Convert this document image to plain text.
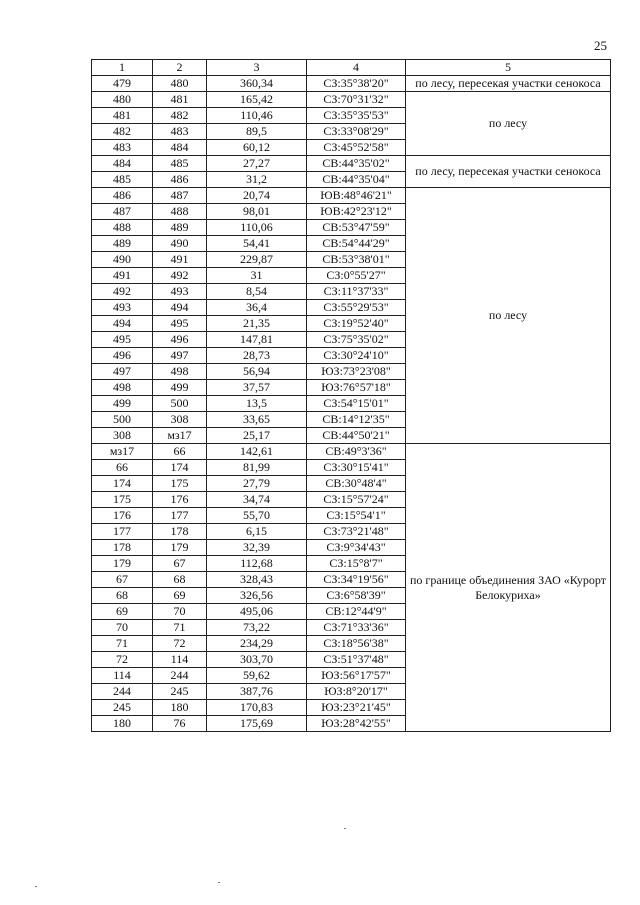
25
1	2	3	4	5
479	480	360,34	СЗ:35°38'20"	по лесу, пересекая участки сенокоса
480	481	165,42	СЗ:70°31'32"	по лесу
481	482	110,46	СЗ:35°35'53"	
482	483	89,5	СЗ:33°08'29"	
483	484	60,12	СЗ:45°52'58"	
484	485	27,27	СВ:44°35'02"	по лесу, пересекая участки сенокоса
485	486	31,2	СВ:44°35'04"	
486	487	20,74	ЮВ:48°46'21"	по лесу
487	488	98,01	ЮВ:42°23'12"	
488	489	110,06	СВ:53°47'59"	
489	490	54,41	СВ:54°44'29"	
490	491	229,87	СВ:53°38'01"	
491	492	31	СЗ:0°55'27"	
492	493	8,54	СЗ:11°37'33"	
493	494	36,4	СЗ:55°29'53"	
494	495	21,35	СЗ:19°52'40"	
495	496	147,81	СЗ:75°35'02"	
496	497	28,73	СЗ:30°24'10"	
497	498	56,94	ЮЗ:73°23'08"	
498	499	37,57	ЮЗ:76°57'18"	
499	500	13,5	СЗ:54°15'01"	
500	308	33,65	СВ:14°12'35"	
308	мз17	25,17	СВ:44°50'21"	
мз17	66	142,61	СВ:49°3'36"	по границе объединения ЗАО «Курорт Белокуриха»
66	174	81,99	СЗ:30°15'41"	
174	175	27,79	СВ:30°48'4"	
175	176	34,74	СЗ:15°57'24"	
176	177	55,70	СЗ:15°54'1"	
177	178	6,15	СЗ:73°21'48"	
178	179	32,39	СЗ:9°34'43"	
179	67	112,68	СЗ:15°8'7"	
67	68	328,43	СЗ:34°19'56"	
68	69	326,56	СЗ:6°58'39"	
69	70	495,06	СВ:12°44'9"	
70	71	73,22	СЗ:71°33'36"	
71	72	234,29	СЗ:18°56'38"	
72	114	303,70	СЗ:51°37'48"	
114	244	59,62	ЮЗ:56°17'57"	
244	245	387,76	ЮЗ:8°20'17"	
245	180	170,83	ЮЗ:23°21'45"	
180	76	175,69	ЮЗ:28°42'55"	
